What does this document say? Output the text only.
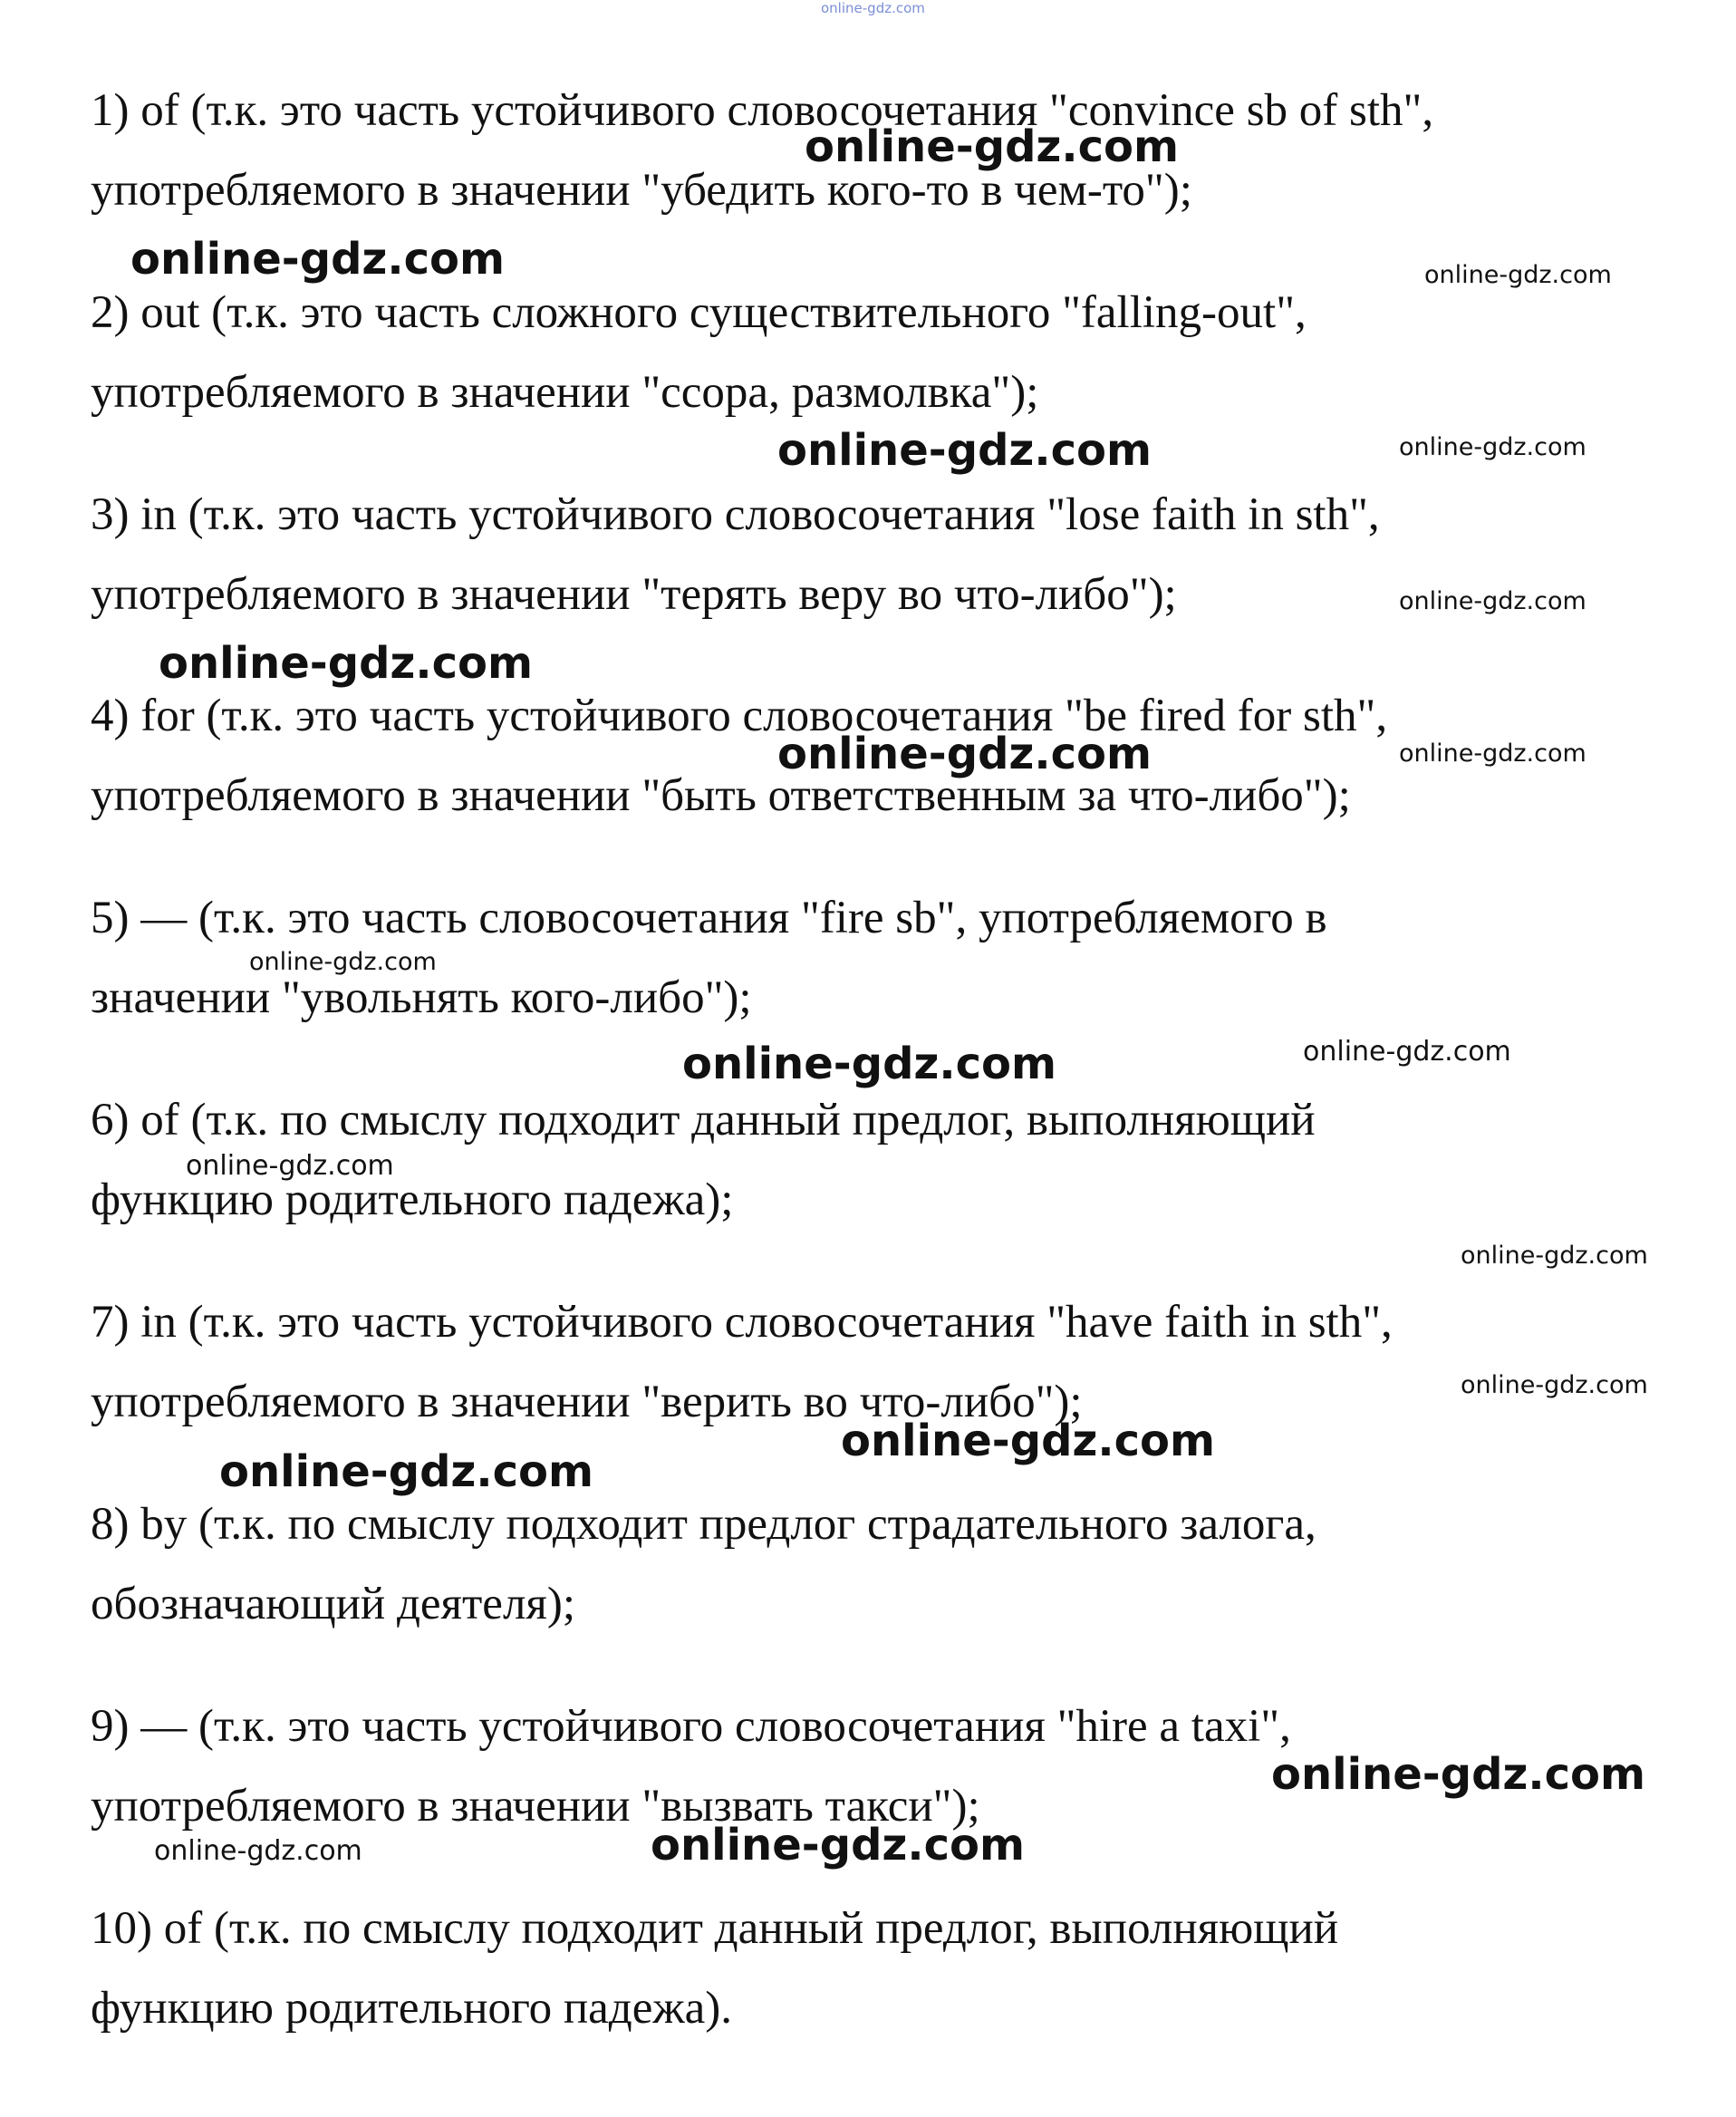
online-gdz.com
1) of (т.к. это часть устойчивого словосочетания "convince sb of sth",
употребляемого в значении "убедить кого-то в чем-то");
2) out (т.к. это часть сложного существительного "falling-out",
употребляемого в значении "ссора, размолвка");
3) in (т.к. это часть устойчивого словосочетания "lose faith in sth",
употребляемого в значении "терять веру во что-либо");
4) for (т.к. это часть устойчивого словосочетания "be fired for sth",
употребляемого в значении "быть ответственным за что-либо");
5) — (т.к. это часть словосочетания "fire sb", употребляемого в
значении "увольнять кого-либо");
6) of (т.к. по смыслу подходит данный предлог, выполняющий
функцию родительного падежа);
7) in (т.к. это часть устойчивого словосочетания "have faith in sth",
употребляемого в значении "верить во что-либо");
8) by (т.к. по смыслу подходит предлог страдательного залога,
обозначающий деятеля);
9) — (т.к. это часть устойчивого словосочетания "hire a taxi",
употребляемого в значении "вызвать такси");
10) of (т.к. по смыслу подходит данный предлог, выполняющий
функцию родительного падежа).
online-gdz.com
online-gdz.com	online-gdz.com
online-gdz.com	online-gdz.com
online-gdz.com
online-gdz.com
online-gdz.com	online-gdz.com
online-gdz.com
online-gdz.com	online-gdz.com
online-gdz.com
online-gdz.com
online-gdz.com
online-gdz.com
online-gdz.com
online-gdz.com
online-gdz.com	online-gdz.com
